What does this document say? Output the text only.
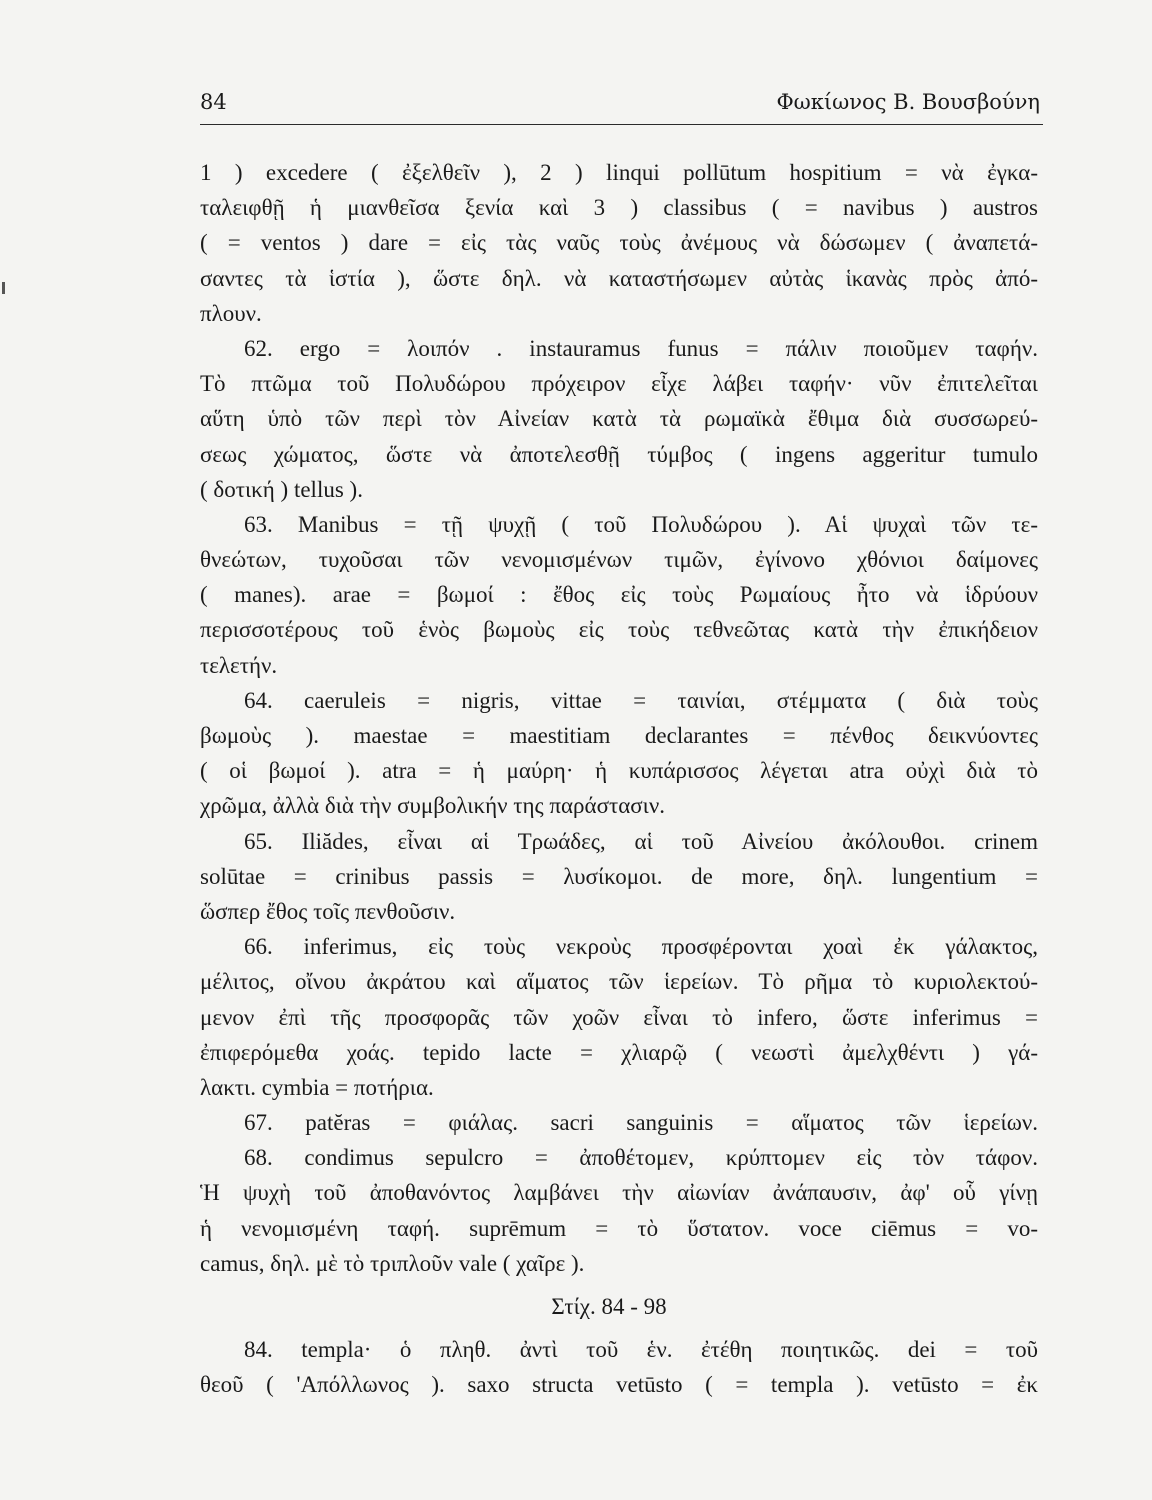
84	Φωκίωνος Β. Βουσβούνη
1 ) excedere ( ἐξελθεῖν ), 2 ) linqui pollūtum hospitium = νὰ ἐγκα-
ταλειφθῇ ἡ μιανθεῖσα ξενία καὶ 3 ) classibus ( = navibus ) austros
( = ventos ) dare = εἰς τὰς ναῦς τοὺς ἀνέμους νὰ δώσωμεν ( ἀναπετά-
σαντες τὰ ἱστία ), ὥστε δηλ. νὰ καταστήσωμεν αὐτὰς ἱκανὰς πρὸς ἀπό-
πλουν.
62. ergo = λοιπόν . instauramus funus = πάλιν ποιοῦμεν ταφήν.
Τὸ πτῶμα τοῦ Πολυδώρου πρόχειρον εἶχε λάβει ταφήν· νῦν ἐπιτελεῖται
αὕτη ὑπὸ τῶν περὶ τὸν Αἰνείαν κατὰ τὰ ρωμαϊκὰ ἔθιμα διὰ συσσωρεύ-
σεως χώματος, ὥστε νὰ ἀποτελεσθῇ τύμβος ( ingens aggeritur tumulo
( δοτική ) tellus ).
63. Manibus = τῇ ψυχῇ ( τοῦ Πολυδώρου ). Αἱ ψυχαὶ τῶν τε-
θνεώτων, τυχοῦσαι τῶν νενομισμένων τιμῶν, ἐγίνονο χθόνιοι δαίμονες
( manes). arae = βωμοί : ἔθος εἰς τοὺς Ρωμαίους ἦτο νὰ ἱδρύουν
περισσοτέρους τοῦ ἑνὸς βωμοὺς εἰς τοὺς τεθνεῶτας κατὰ τὴν ἐπικήδειον
τελετήν.
64. caeruleis = nigris, vittae = ταινίαι, στέμματα ( διὰ τοὺς
βωμοὺς ). maestae = maestitiam declarantes = πένθος δεικνύοντες
( οἱ βωμοί ). atra = ἡ μαύρη· ἡ κυπάρισσος λέγεται atra οὐχὶ διὰ τὸ
χρῶμα, ἀλλὰ διὰ τὴν συμβολικήν της παράστασιν.
65. Iliădes, εἶναι αἱ Τρωάδες, αἱ τοῦ Αἰνείου ἀκόλουθοι. crinem
solūtae = crinibus passis = λυσίκομοι. de more, δηλ. lungentium =
ὥσπερ ἔθος τοῖς πενθοῦσιν.
66. inferimus, εἰς τοὺς νεκροὺς προσφέρονται χοαὶ ἐκ γάλακτος,
μέλιτος, οἴνου ἀκράτου καὶ αἵματος τῶν ἱερείων. Τὸ ρῆμα τὸ κυριολεκτού-
μενον ἐπὶ τῆς προσφορᾶς τῶν χοῶν εἶναι τὸ infero, ὥστε inferimus =
ἐπιφερόμεθα χοάς. tepido lacte = χλιαρῷ ( νεωστὶ ἀμελχθέντι ) γά-
λακτι. cymbia = ποτήρια.
67. patĕras = φιάλας. sacri sanguinis = αἵματος τῶν ἱερείων.
68. condimus sepulcro = ἀποθέτομεν, κρύπτομεν εἰς τὸν τάφον.
Ἡ ψυχὴ τοῦ ἀποθανόντος λαμβάνει τὴν αἰωνίαν ἀνάπαυσιν, ἀφ' οὗ γίνῃ
ἡ νενομισμένη ταφή. suprēmum = τὸ ὕστατον. voce ciēmus = vo-
camus, δηλ. μὲ τὸ τριπλοῦν vale ( χαῖρε ).
Στίχ. 84 - 98
84. templa· ὁ πληθ. ἀντὶ τοῦ ἑν. ἐτέθη ποιητικῶς. dei = τοῦ
θεοῦ ( 'Απόλλωνος ). saxo structa vetūsto ( = templa ). vetūsto = ἐκ
